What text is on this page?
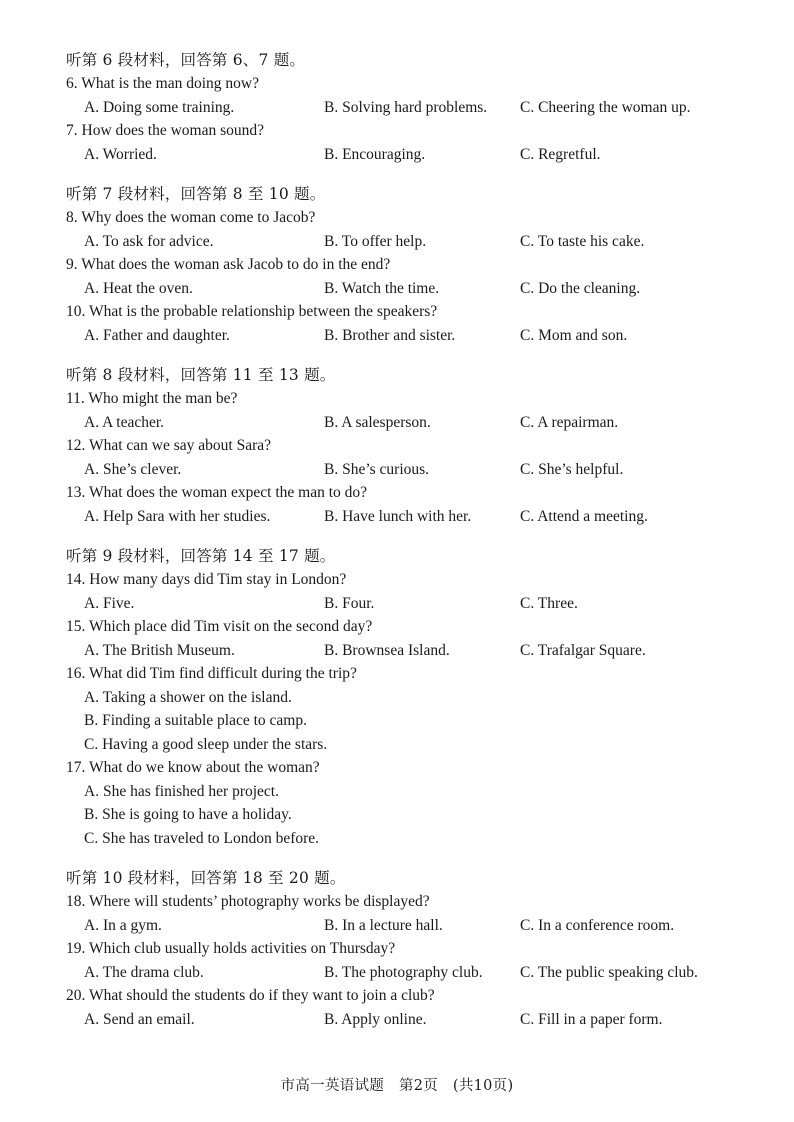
听第 6 段材料，回答第 6、7 题。
6. What is the man doing now?
A. Doing some training.	B. Solving hard problems.	C. Cheering the woman up.
7. How does the woman sound?
A. Worried.	B. Encouraging.	C. Regretful.
听第 7 段材料，回答第 8 至 10 题。
8. Why does the woman come to Jacob?
A. To ask for advice.	B. To offer help.	C. To taste his cake.
9. What does the woman ask Jacob to do in the end?
A. Heat the oven.	B. Watch the time.	C. Do the cleaning.
10. What is the probable relationship between the speakers?
A. Father and daughter.	B. Brother and sister.	C. Mom and son.
听第 8 段材料，回答第 11 至 13 题。
11. Who might the man be?
A. A teacher.	B. A salesperson.	C. A repairman.
12. What can we say about Sara?
A. She’s clever.	B. She’s curious.	C. She’s helpful.
13. What does the woman expect the man to do?
A. Help Sara with her studies.	B. Have lunch with her.	C. Attend a meeting.
听第 9 段材料，回答第 14 至 17 题。
14. How many days did Tim stay in London?
A. Five.	B. Four.	C. Three.
15. Which place did Tim visit on the second day?
A. The British Museum.	B. Brownsea Island.	C. Trafalgar Square.
16. What did Tim find difficult during the trip?
A. Taking a shower on the island.
B. Finding a suitable place to camp.
C. Having a good sleep under the stars.
17. What do we know about the woman?
A. She has finished her project.
B. She is going to have a holiday.
C. She has traveled to London before.
听第 10 段材料，回答第 18 至 20 题。
18. Where will students’ photography works be displayed?
A. In a gym.	B. In a lecture hall.	C. In a conference room.
19. Which club usually holds activities on Thursday?
A. The drama club.	B. The photography club.	C. The public speaking club.
20. What should the students do if they want to join a club?
A. Send an email.	B. Apply online.	C. Fill in a paper form.
市高一英语试题　第2页　(共10页)
